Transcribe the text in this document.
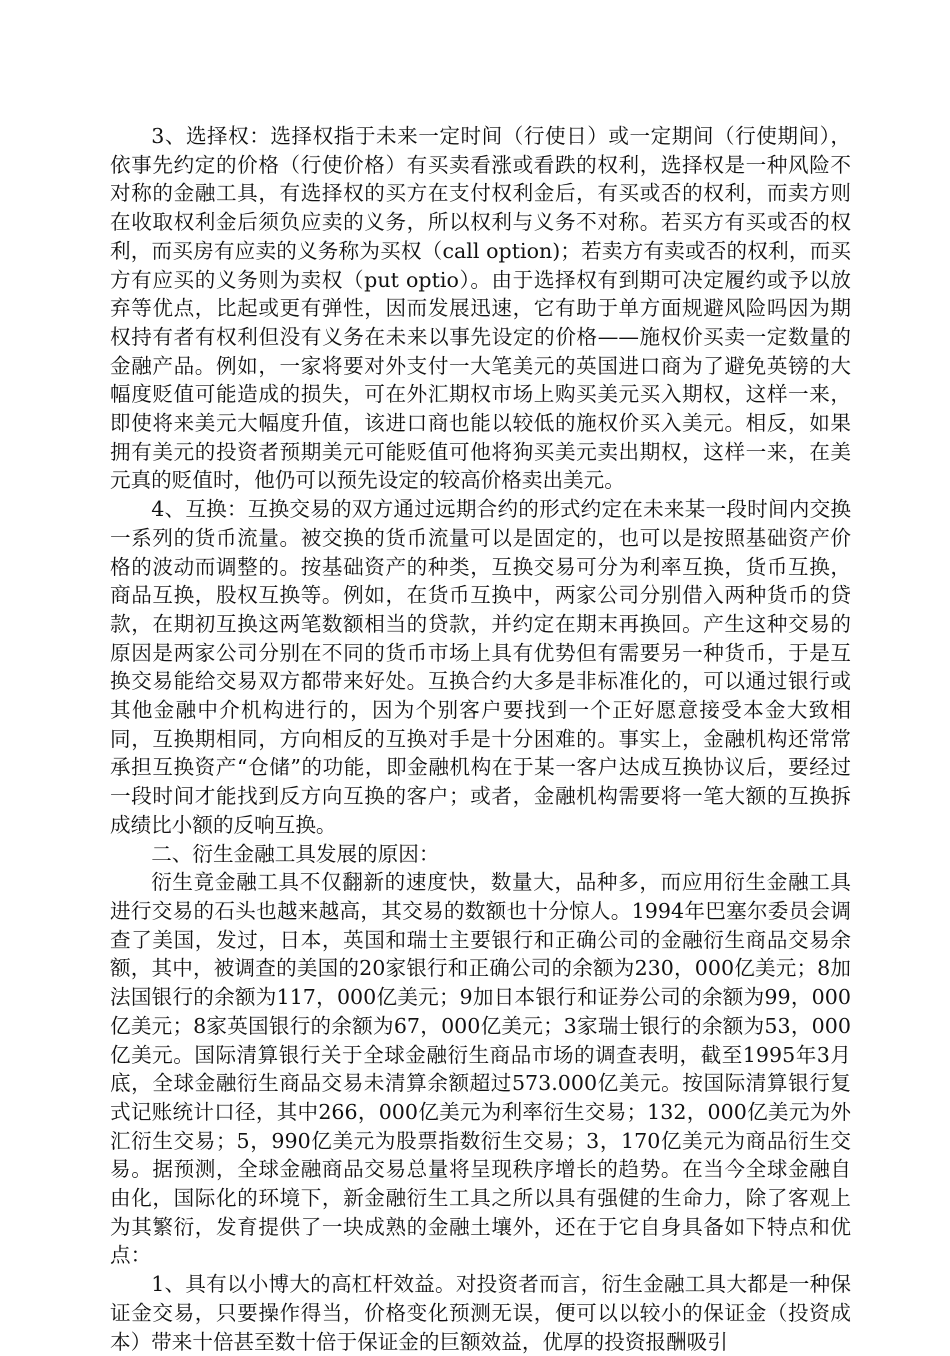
3、选择权：选择权指于未来一定时间（行使日）或一定期间（行使期间），依事先约定的价格（行使价格）有买卖看涨或看跌的权利，选择权是一种风险不对称的金融工具，有选择权的买方在支付权利金后，有买或否的权利，而卖方则在收取权利金后须负应卖的义务，所以权利与义务不对称。若买方有买或否的权利，而买房有应卖的义务称为买权（call option)；若卖方有卖或否的权利，而买方有应买的义务则为卖权（put optio）。由于选择权有到期可决定履约或予以放弃等优点，比起或更有弹性，因而发展迅速，它有助于单方面规避风险吗因为期权持有者有权利但没有义务在未来以事先设定的价格——施权价买卖一定数量的金融产品。例如，一家将要对外支付一大笔美元的英国进口商为了避免英镑的大幅度贬值可能造成的损失，可在外汇期权市场上购买美元买入期权，这样一来，即使将来美元大幅度升值，该进口商也能以较低的施权价买入美元。相反，如果拥有美元的投资者预期美元可能贬值可他将狗买美元卖出期权，这样一来，在美元真的贬值时，他仍可以预先设定的较高价格卖出美元。

4、互换：互换交易的双方通过远期合约的形式约定在未来某一段时间内交换一系列的货币流量。被交换的货币流量可以是固定的，也可以是按照基础资产价格的波动而调整的。按基础资产的种类，互换交易可分为利率互换，货币互换，商品互换，股权互换等。例如，在货币互换中，两家公司分别借入两种货币的贷款，在期初互换这两笔数额相当的贷款，并约定在期末再换回。产生这种交易的原因是两家公司分别在不同的货币市场上具有优势但有需要另一种货币，于是互换交易能给交易双方都带来好处。互换合约大多是非标准化的，可以通过银行或其他金融中介机构进行的，因为个别客户要找到一个正好愿意接受本金大致相同，互换期相同，方向相反的互换对手是十分困难的。事实上，金融机构还常常承担互换资产“仓储”的功能，即金融机构在于某一客户达成互换协议后，要经过一段时间才能找到反方向互换的客户；或者，金融机构需要将一笔大额的互换拆成绩比小额的反响互换。

二、衍生金融工具发展的原因：

衍生竟金融工具不仅翻新的速度快，数量大，品种多，而应用衍生金融工具进行交易的石头也越来越高，其交易的数额也十分惊人。1994年巴塞尔委员会调查了美国，发过，日本，英国和瑞士主要银行和正确公司的金融衍生商品交易余额，其中，被调查的美国的20家银行和正确公司的余额为230，000亿美元；8加法国银行的余额为117，000亿美元；9加日本银行和证券公司的余额为99，000亿美元；8家英国银行的余额为67，000亿美元；3家瑞士银行的余额为53，000亿美元。国际清算银行关于全球金融衍生商品市场的调查表明，截至1995年3月底，全球金融衍生商品交易未清算余额超过573.000亿美元。按国际清算银行复式记账统计口径，其中266，000亿美元为利率衍生交易；132，000亿美元为外汇衍生交易；5，990亿美元为股票指数衍生交易；3，170亿美元为商品衍生交易。据预测，全球金融商品交易总量将呈现秩序增长的趋势。在当今全球金融自由化，国际化的环境下，新金融衍生工具之所以具有强健的生命力，除了客观上为其繁衍，发育提供了一块成熟的金融土壤外，还在于它自身具备如下特点和优点：

1、具有以小博大的高杠杆效益。对投资者而言，衍生金融工具大都是一种保证金交易，只要操作得当，价格变化预测无误，便可以以较小的保证金（投资成本）带来十倍甚至数十倍于保证金的巨额效益，优厚的投资报酬吸引
